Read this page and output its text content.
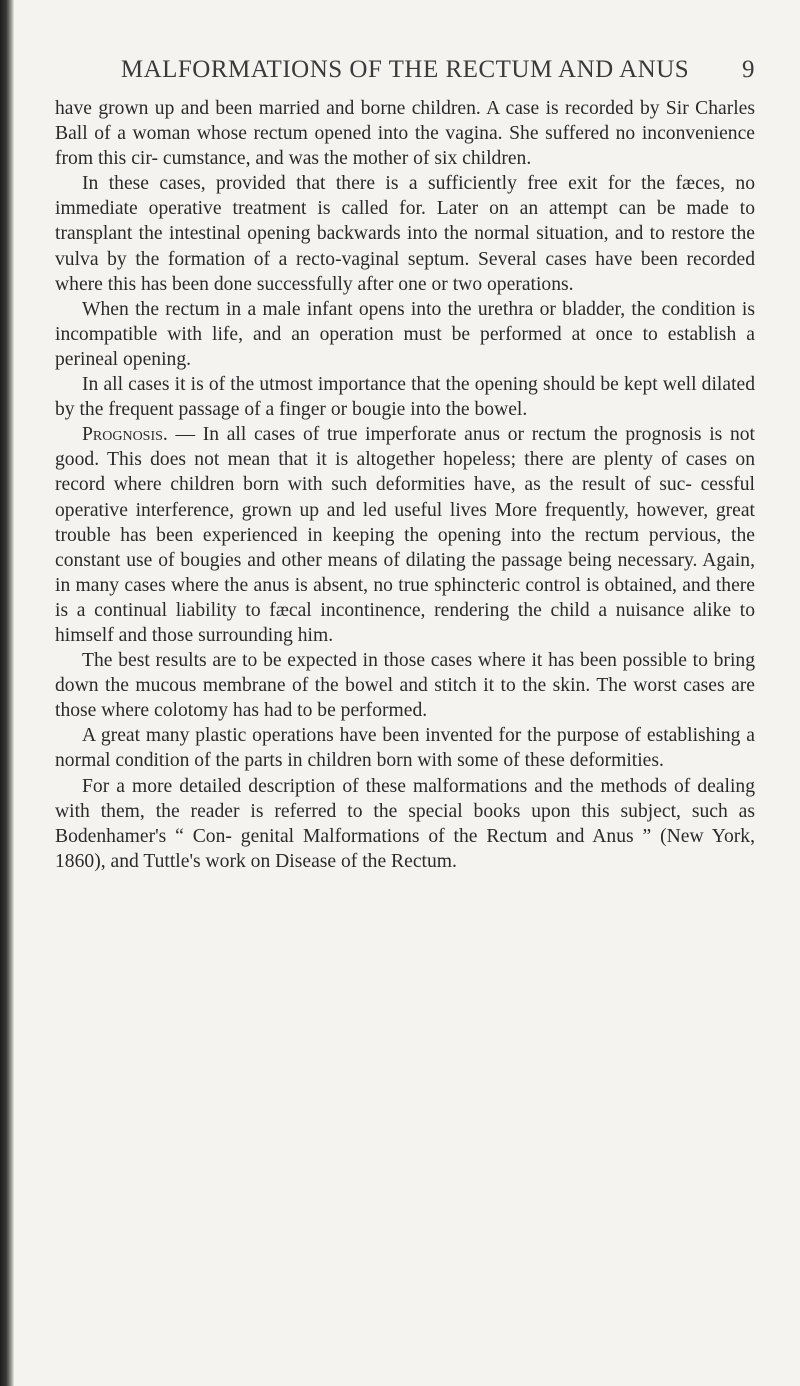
MALFORMATIONS OF THE RECTUM AND ANUS 9

have grown up and been married and borne children. A case is recorded by Sir Charles Ball of a woman whose rectum opened into the vagina. She suffered no inconvenience from this cir- cumstance, and was the mother of six children.

In these cases, provided that there is a sufficiently free exit for the fæces, no immediate operative treatment is called for. Later on an attempt can be made to transplant the intestinal opening backwards into the normal situation, and to restore the vulva by the formation of a recto-vaginal septum. Several cases have been recorded where this has been done successfully after one or two operations.

When the rectum in a male infant opens into the urethra or bladder, the condition is incompatible with life, and an operation must be performed at once to establish a perineal opening.

In all cases it is of the utmost importance that the opening should be kept well dilated by the frequent passage of a finger or bougie into the bowel.

Prognosis. — In all cases of true imperforate anus or rectum the prognosis is not good. This does not mean that it is altogether hopeless; there are plenty of cases on record where children born with such deformities have, as the result of suc- cessful operative interference, grown up and led useful lives More frequently, however, great trouble has been experienced in keeping the opening into the rectum pervious, the constant use of bougies and other means of dilating the passage being necessary. Again, in many cases where the anus is absent, no true sphincteric control is obtained, and there is a continual liability to fæcal incontinence, rendering the child a nuisance alike to himself and those surrounding him.

The best results are to be expected in those cases where it has been possible to bring down the mucous membrane of the bowel and stitch it to the skin. The worst cases are those where colotomy has had to be performed.

A great many plastic operations have been invented for the purpose of establishing a normal condition of the parts in children born with some of these deformities.

For a more detailed description of these malformations and the methods of dealing with them, the reader is referred to the special books upon this subject, such as Bodenhamer's “ Con- genital Malformations of the Rectum and Anus ” (New York, 1860), and Tuttle's work on Disease of the Rectum.
